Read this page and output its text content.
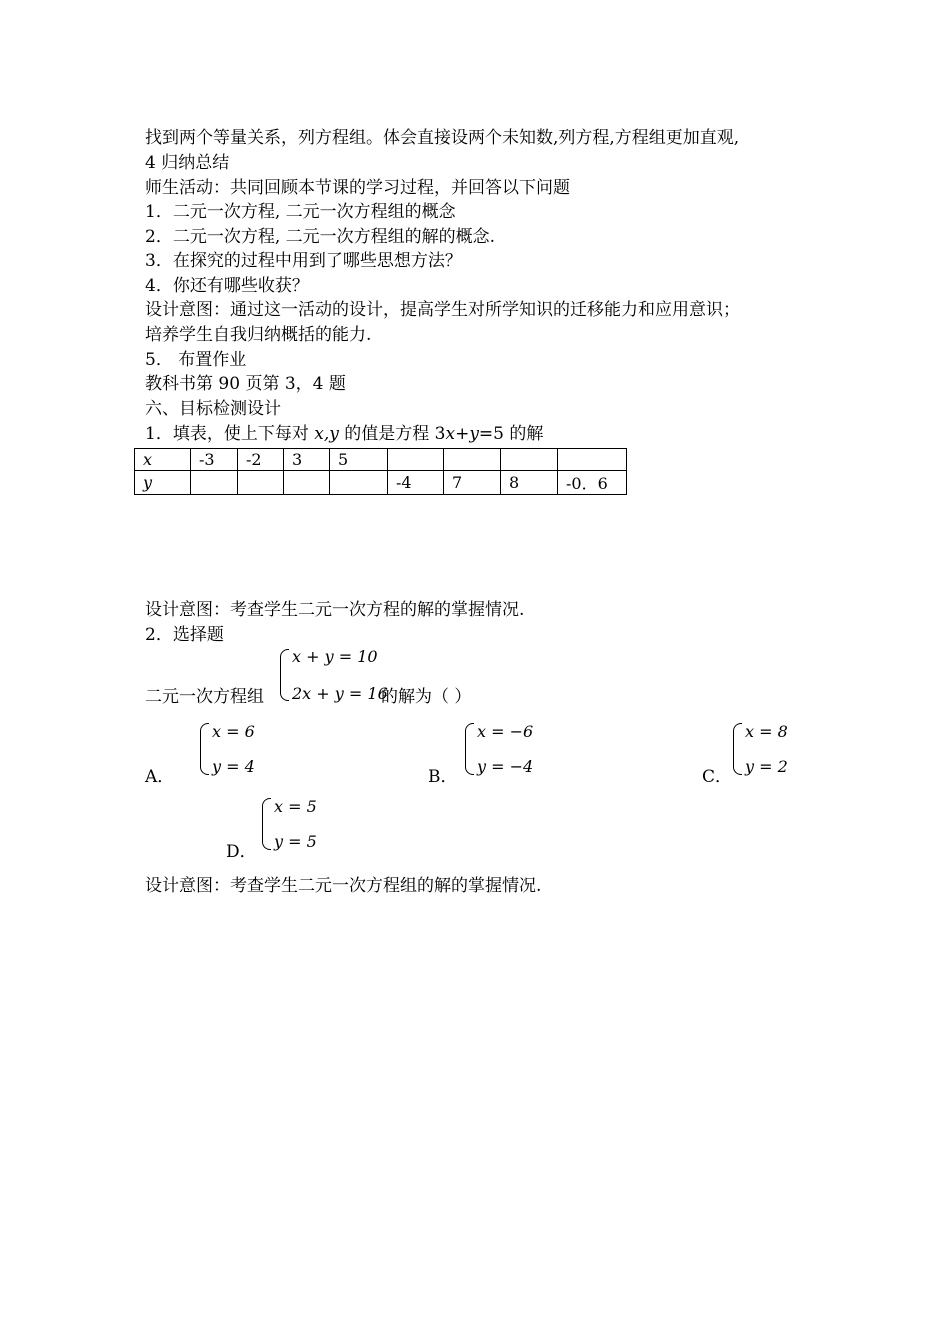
找到两个等量关系，列方程组。体会直接设两个未知数,列方程,方程组更加直观,
4 归纳总结
师生活动：共同回顾本节课的学习过程，并回答以下问题
1．二元一次方程, 二元一次方程组的概念
2．二元一次方程, 二元一次方程组的解的概念.
3．在探究的过程中用到了哪些思想方法？
4．你还有哪些收获？
设计意图：通过这一活动的设计，提高学生对所学知识的迁移能力和应用意识；
培养学生自我归纳概括的能力.
5． 布置作业
教科书第 90 页第 3，4 题
六、目标检测设计
1．填表，使上下每对 x,y 的值是方程 3x+y=5 的解
x	-3	-2	3	5				
y					-4	7	8	-0．6
设计意图：考查学生二元一次方程的解的掌握情况.
2．选择题
二元一次方程组
x + y = 10
2x + y = 16
的解为（ ）
A．
x = 6
y = 4
B．
x = −6
y = −4
C．
x = 8
y = 2
D．
x = 5
y = 5
设计意图：考查学生二元一次方程组的解的掌握情况.
